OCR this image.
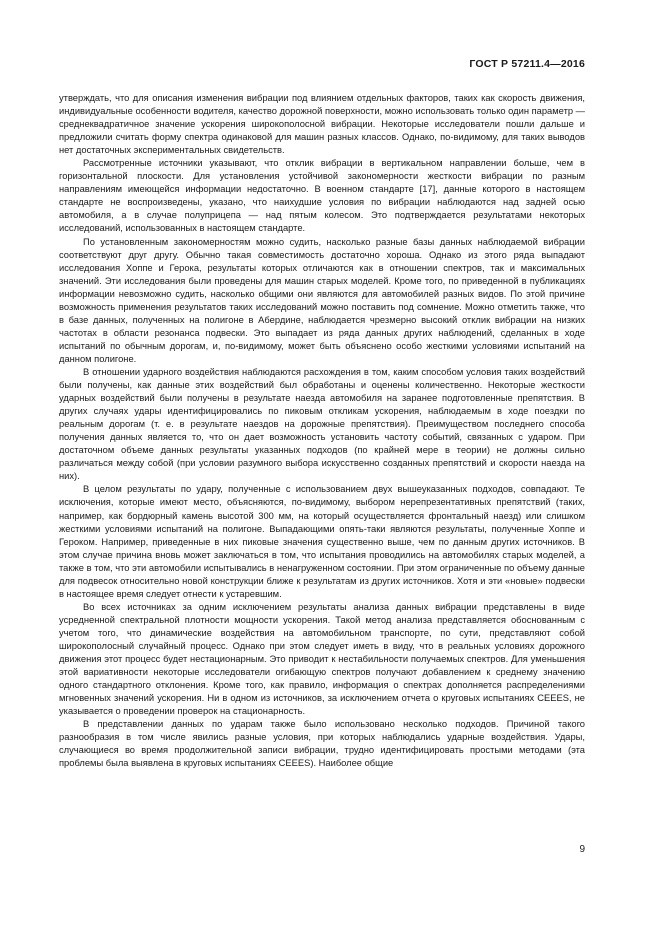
ГОСТ Р 57211.4—2016

утверждать, что для описания изменения вибрации под влиянием отдельных факторов, таких как скорость движения, индивидуальные особенности водителя, качество дорожной поверхности, можно использовать только один параметр — среднеквадратичное значение ускорения широкополосной вибрации. Некоторые исследователи пошли дальше и предложили считать форму спектра одинаковой для машин разных классов. Однако, по-видимому, для таких выводов нет достаточных экспериментальных свидетельств.

Рассмотренные источники указывают, что отклик вибрации в вертикальном направлении больше, чем в горизонтальной плоскости. Для установления устойчивой закономерности жесткости вибрации по разным направлениям имеющейся информации недостаточно. В военном стандарте [17], данные которого в настоящем стандарте не воспроизведены, указано, что наихудшие условия по вибрации наблюдаются над задней осью автомобиля, а в случае полуприцепа — над пятым колесом. Это подтверждается результатами некоторых исследований, использованных в настоящем стандарте.

По установленным закономерностям можно судить, насколько разные базы данных наблюдаемой вибрации соответствуют друг другу. Обычно такая совместимость достаточно хороша. Однако из этого ряда выпадают исследования Хоппе и Герока, результаты которых отличаются как в отношении спектров, так и максимальных значений. Эти исследования были проведены для машин старых моделей. Кроме того, по приведенной в публикациях информации невозможно судить, насколько общими они являются для автомобилей разных видов. По этой причине возможность применения результатов таких исследований можно поставить под сомнение. Можно отметить также, что в базе данных, полученных на полигоне в Абердине, наблюдается чрезмерно высокий отклик вибрации на низких частотах в области резонанса подвески. Это выпадает из ряда данных других наблюдений, сделанных в ходе испытаний по обычным дорогам, и, по-видимому, может быть объяснено особо жесткими условиями испытаний на данном полигоне.

В отношении ударного воздействия наблюдаются расхождения в том, каким способом условия таких воздействий были получены, как данные этих воздействий был обработаны и оценены количественно. Некоторые жесткости ударных воздействий были получены в результате наезда автомобиля на заранее подготовленные препятствия. В других случаях удары идентифицировались по пиковым откликам ускорения, наблюдаемым в ходе поездки по реальным дорогам (т. е. в результате наездов на дорожные препятствия). Преимуществом последнего способа получения данных является то, что он дает возможность установить частоту событий, связанных с ударом. При достаточном объеме данных результаты указанных подходов (по крайней мере в теории) не должны сильно различаться между собой (при условии разумного выбора искусственно созданных препятствий и скорости наезда на них).

В целом результаты по удару, полученные с использованием двух вышеуказанных подходов, совпадают. Те исключения, которые имеют место, объясняются, по-видимому, выбором нерепрезентативных препятствий (таких, например, как бордюрный камень высотой 300 мм, на который осуществляется фронтальный наезд) или слишком жесткими условиями испытаний на полигоне. Выпадающими опять-таки являются результаты, полученные Хоппе и Героком. Например, приведенные в них пиковые значения существенно выше, чем по данным других источников. В этом случае причина вновь может заключаться в том, что испытания проводились на автомобилях старых моделей, а также в том, что эти автомобили испытывались в ненагруженном состоянии. При этом ограниченные по объему данные для подвесок относительно новой конструкции ближе к результатам из других источников. Хотя и эти «новые» подвески в настоящее время следует отнести к устаревшим.

Во всех источниках за одним исключением результаты анализа данных вибрации представлены в виде усредненной спектральной плотности мощности ускорения. Такой метод анализа представляется обоснованным с учетом того, что динамические воздействия на автомобильном транспорте, по сути, представляют собой широкополосный случайный процесс. Однако при этом следует иметь в виду, что в реальных условиях дорожного движения этот процесс будет нестационарным. Это приводит к нестабильности получаемых спектров. Для уменьшения этой вариативности некоторые исследователи огибающую спектров получают добавлением к среднему значению одного стандартного отклонения. Кроме того, как правило, информация о спектрах дополняется распределениями мгновенных значений ускорения. Ни в одном из источников, за исключением отчета о круговых испытаниях CEEES, не указывается о проведении проверок на стационарность.

В представлении данных по ударам также было использовано несколько подходов. Причиной такого разнообразия в том числе явились разные условия, при которых наблюдались ударные воздействия. Удары, случающиеся во время продолжительной записи вибрации, трудно идентифицировать простыми методами (эта проблемы была выявлена в круговых испытаниях CEEES). Наиболее общие

9
